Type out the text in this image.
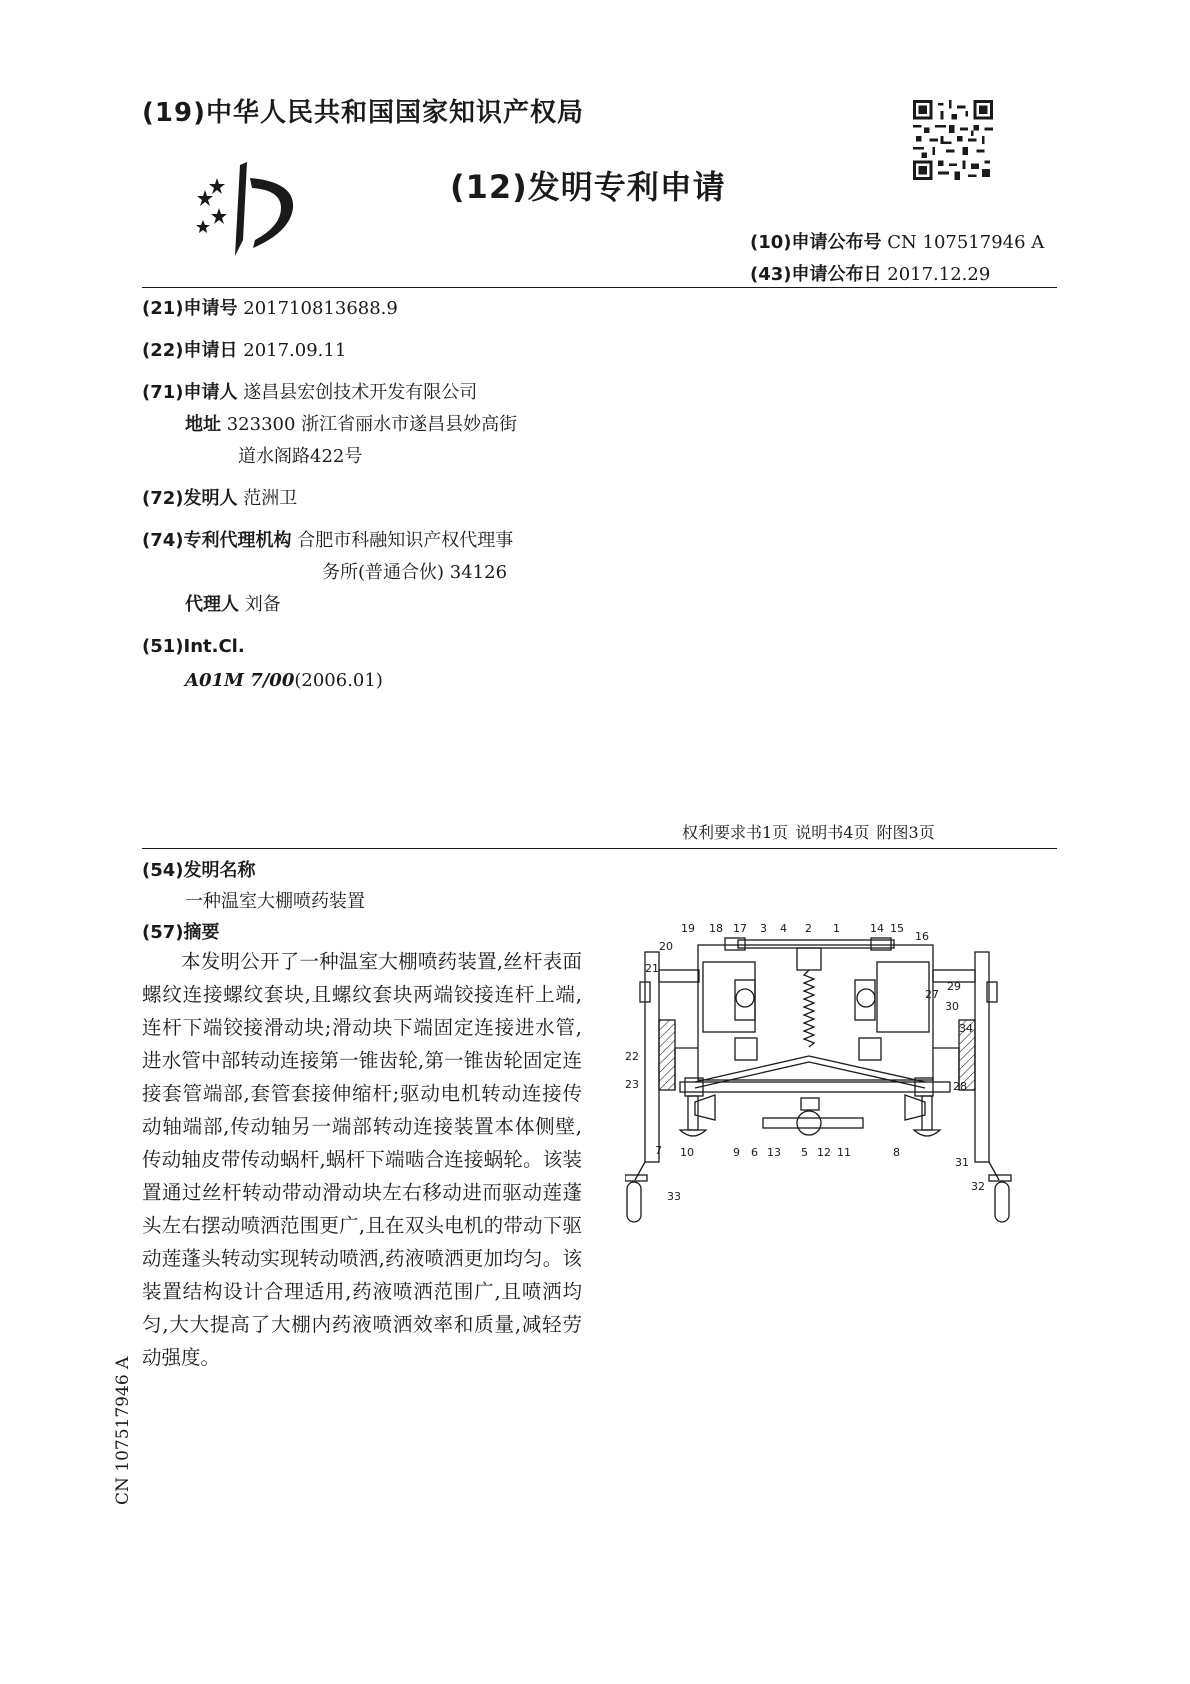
(19)中华人民共和国国家知识产权局
(12)发明专利申请
(10)申请公布号 CN 107517946 A
(43)申请公布日 2017.12.29
(21)申请号 201710813688.9
(22)申请日 2017.09.11
(71)申请人 遂昌县宏创技术开发有限公司
地址 323300 浙江省丽水市遂昌县妙高街
道水阁路422号
(72)发明人 范洲卫
(74)专利代理机构 合肥市科融知识产权代理事
务所(普通合伙) 34126
代理人 刘备
(51)Int.Cl.
A01M 7/00(2006.01)
权利要求书1页 说明书4页 附图3页
(54)发明名称
一种温室大棚喷药装置
(57)摘要

本发明公开了一种温室大棚喷药装置,丝杆表面螺纹连接螺纹套块,且螺纹套块两端铰接连杆上端,连杆下端铰接滑动块;滑动块下端固定连接进水管,进水管中部转动连接第一锥齿轮,第一锥齿轮固定连接套管端部,套管套接伸缩杆;驱动电机转动连接传动轴端部,传动轴另一端部转动连接装置本体侧壁,传动轴皮带传动蜗杆,蜗杆下端啮合连接蜗轮。该装置通过丝杆转动带动滑动块左右移动进而驱动莲蓬头左右摆动喷洒范围更广,且在双头电机的带动下驱动莲蓬头转动实现转动喷洒,药液喷洒更加均匀。该装置结构设计合理适用,药液喷洒范围广,且喷洒均匀,大大提高了大棚内药液喷洒效率和质量,减轻劳动强度。

CN 107517946 A
19 18 17 3 4 2 1	14 15
16
20
21
27
29
30
34
22
23	28
7 10	9 6 13 5 12 11	8
31
32
33
